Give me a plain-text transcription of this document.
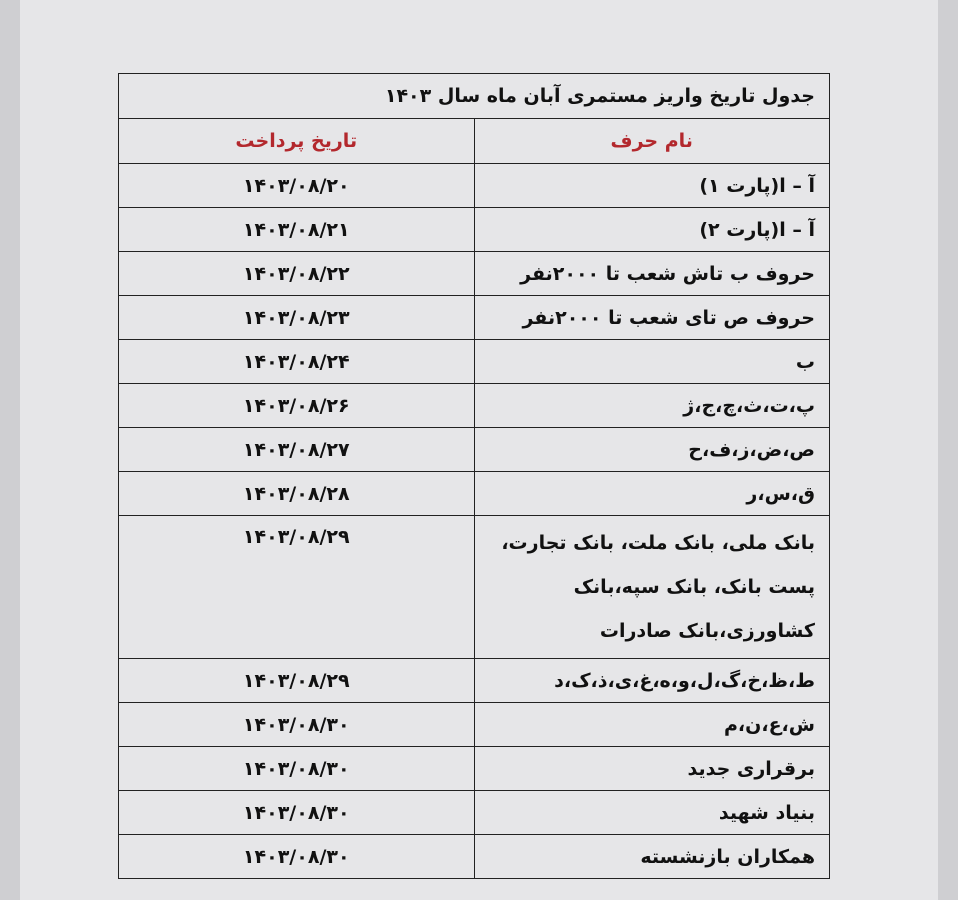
جدول تاریخ واریز مستمری آبان ماه سال ۱۴۰۳	
نام حرف	تاریخ پرداخت
آ – ا(پارت ۱)	۱۴۰۳/۰۸/۲۰
آ – ا(پارت ۲)	۱۴۰۳/۰۸/۲۱
حروف ب تاش شعب تا ۲۰۰۰نفر	۱۴۰۳/۰۸/۲۲
حروف ص تای شعب تا ۲۰۰۰نفر	۱۴۰۳/۰۸/۲۳
ب	۱۴۰۳/۰۸/۲۴
پ،ت،ث،چ،ج،ژ	۱۴۰۳/۰۸/۲۶
ص،ض،ز،ف،ح	۱۴۰۳/۰۸/۲۷
ق،س،ر	۱۴۰۳/۰۸/۲۸
بانک ملی، بانک ملت، بانک تجارت، پست بانک، بانک سپه،بانک کشاورزی،بانک صادرات	۱۴۰۳/۰۸/۲۹
ط،ظ،خ،گ،ل،و،ه،غ،ی،ذ،ک،د	۱۴۰۳/۰۸/۲۹
ش،ع،ن،م	۱۴۰۳/۰۸/۳۰
برقراری جدید	۱۴۰۳/۰۸/۳۰
بنیاد شهید	۱۴۰۳/۰۸/۳۰
همکاران بازنشسته	۱۴۰۳/۰۸/۳۰
